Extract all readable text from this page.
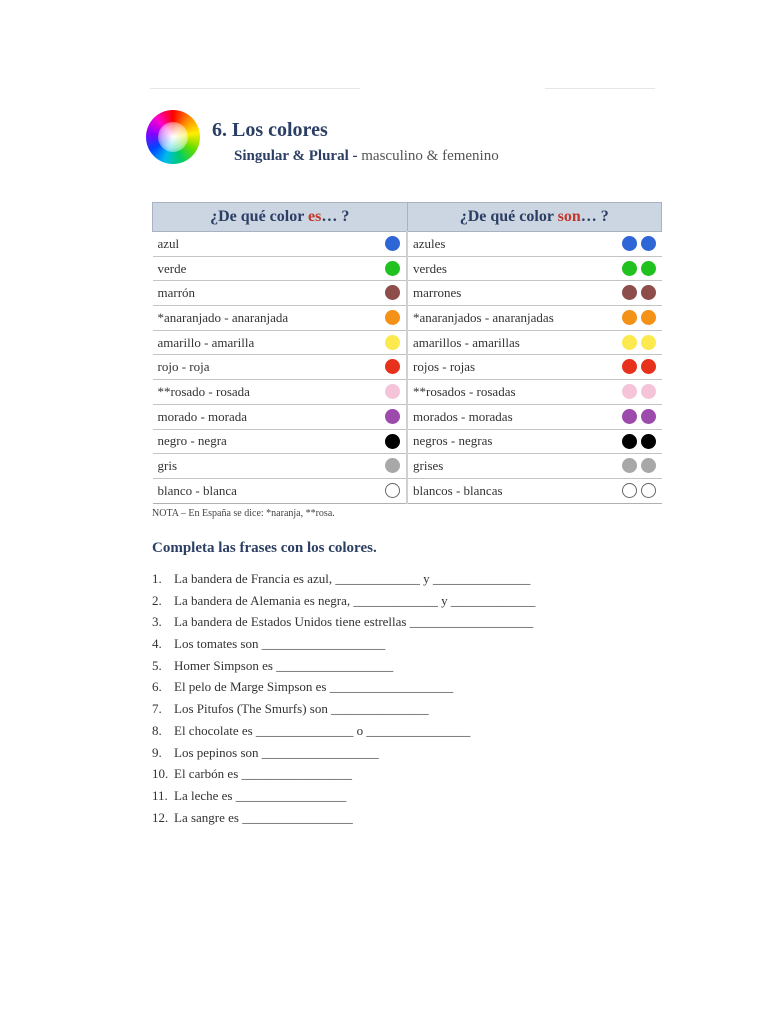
6. Los colores
Singular & Plural - masculino & femenino
¿De qué color es… ?	¿De qué color son… ?
azul	azules

verde	verdes

marrón	marrones

*anaranjado - anaranjada	*anaranjados - anaranjadas

amarillo - amarilla	amarillos - amarillas

rojo - roja	rojos - rojas

**rosado - rosada	**rosados - rosadas

morado - morada	morados - moradas

negro - negra	negros - negras

gris	grises

blanco - blanca	blancos - blancas
NOTA – En España se dice: *naranja, **rosa.
Completa las frases con los colores.
1. La bandera de Francia es azul, _____________ y _______________
2. La bandera de Alemania es negra, _____________ y _____________
3. La bandera de Estados Unidos tiene estrellas ___________________
4. Los tomates son ___________________
5. Homer Simpson es __________________
6. El pelo de Marge Simpson es ___________________
7. Los Pitufos (The Smurfs) son _______________
8. El chocolate es _______________ o ________________
9. Los pepinos son __________________
10. El carbón es _________________
11. La leche es _________________
12. La sangre es _________________
